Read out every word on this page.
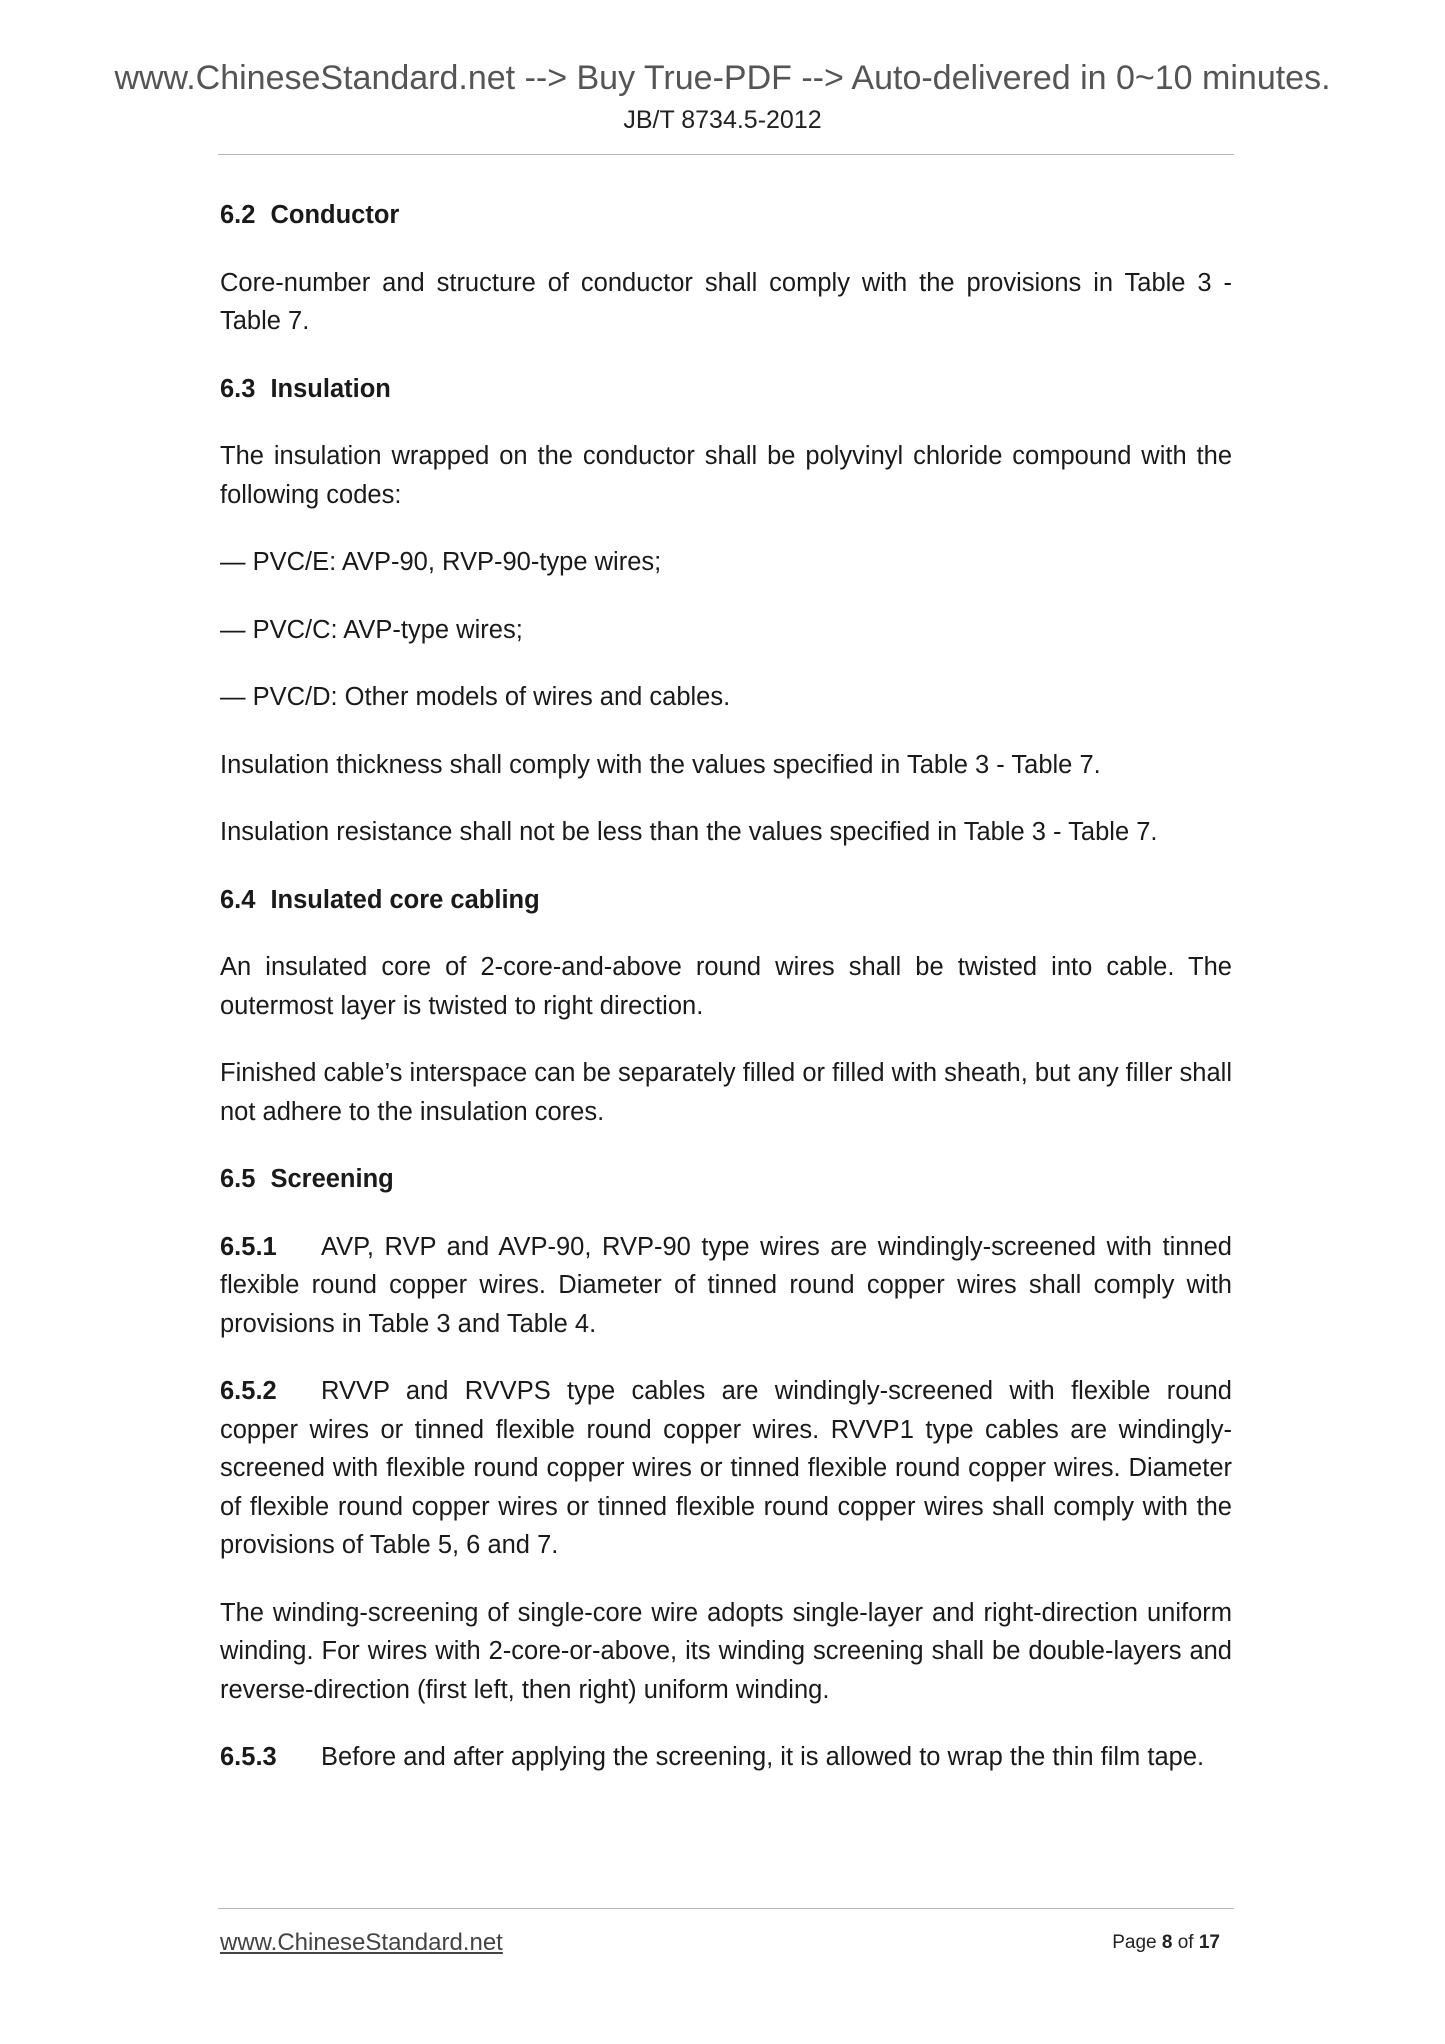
www.ChineseStandard.net --> Buy True-PDF --> Auto-delivered in 0~10 minutes.
JB/T 8734.5-2012
6.2 Conductor
Core-number and structure of conductor shall comply with the provisions in Table 3 - Table 7.
6.3 Insulation
The insulation wrapped on the conductor shall be polyvinyl chloride compound with the following codes:
— PVC/E: AVP-90, RVP-90-type wires;
— PVC/C: AVP-type wires;
— PVC/D: Other models of wires and cables.
Insulation thickness shall comply with the values specified in Table 3 - Table 7.
Insulation resistance shall not be less than the values specified in Table 3 - Table 7.
6.4 Insulated core cabling
An insulated core of 2-core-and-above round wires shall be twisted into cable. The outermost layer is twisted to right direction.
Finished cable’s interspace can be separately filled or filled with sheath, but any filler shall not adhere to the insulation cores.
6.5 Screening
6.5.1 AVP, RVP and AVP-90, RVP-90 type wires are windingly-screened with tinned flexible round copper wires. Diameter of tinned round copper wires shall comply with provisions in Table 3 and Table 4.
6.5.2 RVVP and RVVPS type cables are windingly-screened with flexible round copper wires or tinned flexible round copper wires. RVVP1 type cables are windingly-screened with flexible round copper wires or tinned flexible round copper wires. Diameter of flexible round copper wires or tinned flexible round copper wires shall comply with the provisions of Table 5, 6 and 7.
The winding-screening of single-core wire adopts single-layer and right-direction uniform winding. For wires with 2-core-or-above, its winding screening shall be double-layers and reverse-direction (first left, then right) uniform winding.
6.5.3 Before and after applying the screening, it is allowed to wrap the thin film tape.
www.ChineseStandard.net	Page 8 of 17
